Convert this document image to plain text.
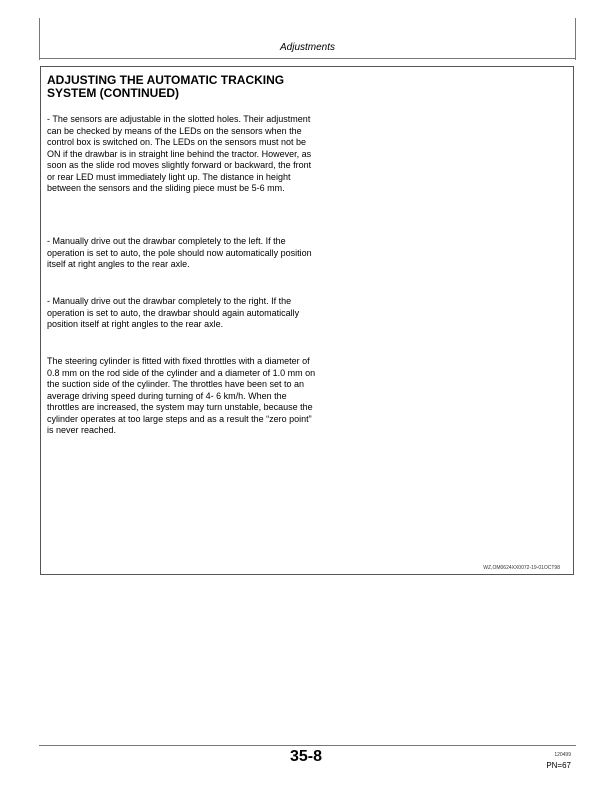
Adjustments
ADJUSTING THE AUTOMATIC TRACKING SYSTEM (CONTINUED)

- The sensors are adjustable in the slotted holes. Their adjustment can be checked by means of the LEDs on the sensors when the control box is switched on. The LEDs on the sensors must not be ON if the drawbar is in straight line behind the tractor. However, as soon as the slide rod moves slightly forward or backward, the front or rear LED must immediately light up. The distance in height between the sensors and the sliding piece must be 5-6 mm.

- Manually drive out the drawbar completely to the left. If the operation is set to auto, the pole should now automatically position itself at right angles to the rear axle.

- Manually drive out the drawbar completely to the right. If the operation is set to auto, the drawbar should again automatically position itself at right angles to the rear axle.

The steering cylinder is fitted with fixed throttles with a diameter of 0.8 mm on the rod side of the cylinder and a diameter of 1.0 mm on the suction side of the cylinder. The throttles have been set to an average driving speed during turning of 4- 6 km/h. When the throttles are increased, the system may turn unstable, because the cylinder operates at too large steps and as a result the “zero point” is never reached.

WZ,OM0624XX0072-19-01OCT98
35-8	120499
PN=67
